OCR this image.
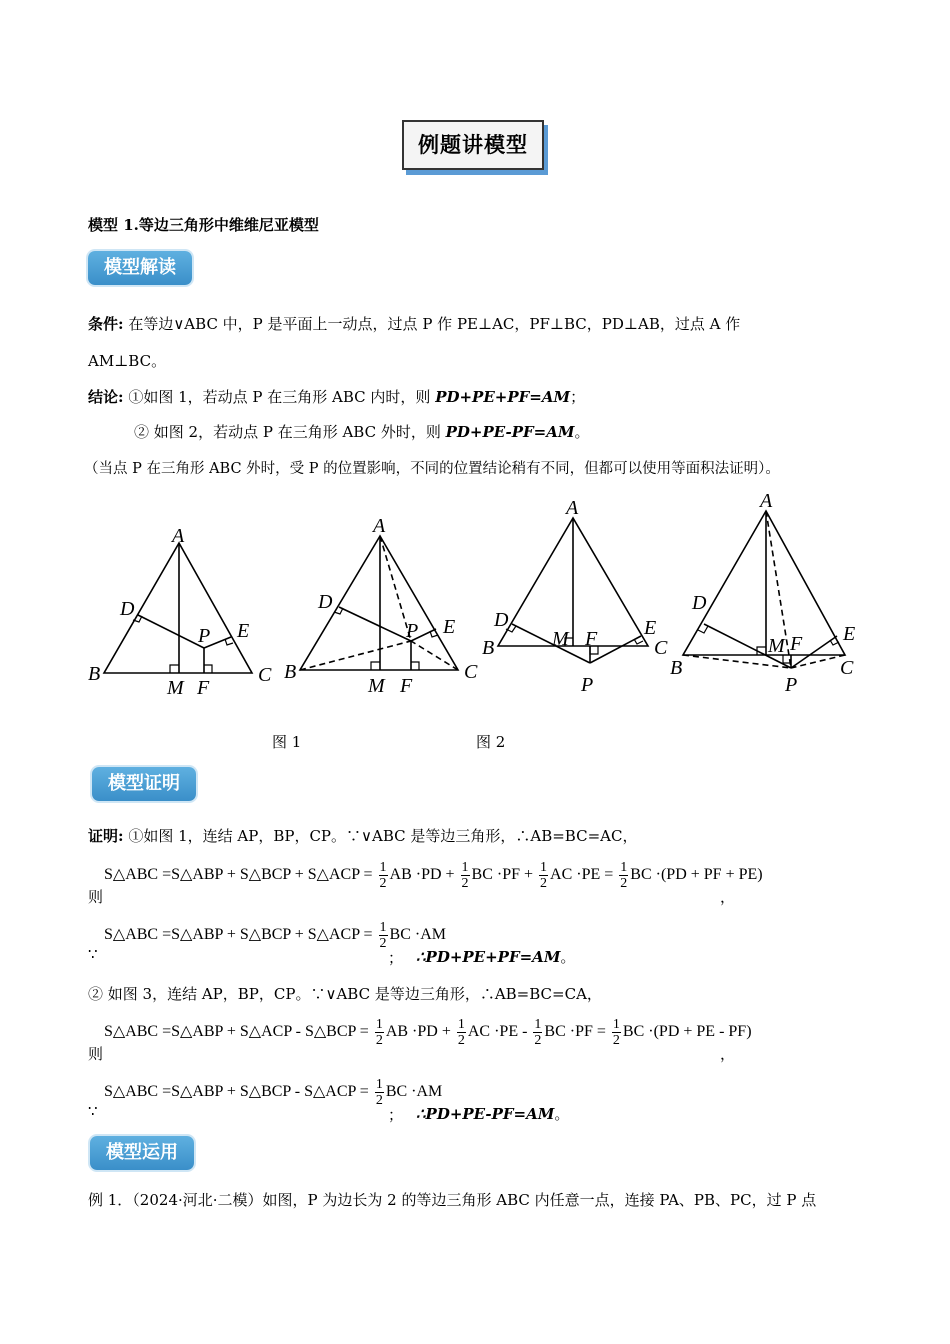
例题讲模型
模型 1.等边三角形中维维尼亚模型
模型解读
条件: 在等边∨ABC 中，P 是平面上一动点，过点 P 作 PE⊥AC，PF⊥BC，PD⊥AB，过点 A 作
AM⊥BC。
结论: ①如图 1，若动点 P 在三角形 ABC 内时，则 PD+PE+PF=AM；
② 如图 2，若动点 P 在三角形 ABC 外时，则 PD+PE-PF=AM。
（当点 P 在三角形 ABC 外时，受 P 的位置影响，不同的位置结论稍有不同，但都可以使用等面积法证明）。
A
B	C
D
E
P
M F
A
B	C
D
E
P
M F
A
B	C
D	E
M F
P
A
B	C
D
E
M F
P
图 1	图 2
模型证明
证明: ①如图 1，连结 AP，BP，CP。∵∨ABC 是等边三角形，∴AB=BC=AC，
则
S△ABC =S△ABP + S△BCP + S△ACP = $\frac{1}{2}$ AB $\cdot PD + \frac{1}{2}$ BC $\cdot PF + \frac{1}{2}$ AC $\cdot PE = \frac{1}{2}$ BC ·(PD + PF + PE)
，
∵
S△ABC =S△ABP + S△BCP + S△ACP = $\frac{1}{2}$ BC ·AM
； ∴PD+PE+PF=AM。
② 如图 3，连结 AP，BP，CP。∵∨ABC 是等边三角形，∴AB=BC=CA，
则
S△ABC =S△ABP + S△ACP - S△BCP = $\frac{1}{2}$ AB $\cdot PD + \frac{1}{2}$ AC $\cdot PE - \frac{1}{2}$ BC $\cdot PF = \frac{1}{2}$ BC ·(PD + PE - PF)
，
∵
S△ABC =S△ABP + S△BCP - S△ACP = $\frac{1}{2}$ BC ·AM
； ∴PD+PE-PF=AM。
模型运用
例 1．（2024·河北·二模）如图，P 为边长为 2 的等边三角形 ABC 内任意一点，连接 PA、PB、PC，过 P 点
